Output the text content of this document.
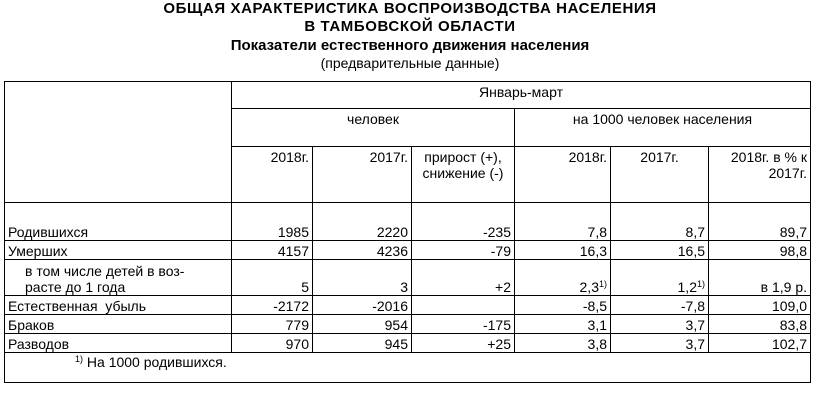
ОБЩАЯ ХАРАКТЕРИСТИКА ВОСПРОИЗВОДСТВА НАСЕЛЕНИЯ
В ТАМБОВСКОЙ ОБЛАСТИ
Показатели естественного движения населения
(предварительные данные)
	Январь-март					
	человек			на 1000 человек населения		
	2018г.	2017г.	прирост (+), снижение (-)	2018г.	2017г.	2018г. в % к 2017г.
Родившихся	1985	2220	-235	7,8	8,7	89,7
Умерших	4157	4236	-79	16,3	16,5	98,8
в том числе детей в воз-
расте до 1 года	5	3	+2	2,3$^{1)}$	1,2$^{1)}$	в 1,9 р.
Естественная  убыль	-2172	-2016		-8,5	-7,8	109,0
Браков	779	954	-175	3,1	3,7	83,8
Разводов	970	945	+25	3,8	3,7	102,7
$^{1)}$ На 1000 родившихся.						
